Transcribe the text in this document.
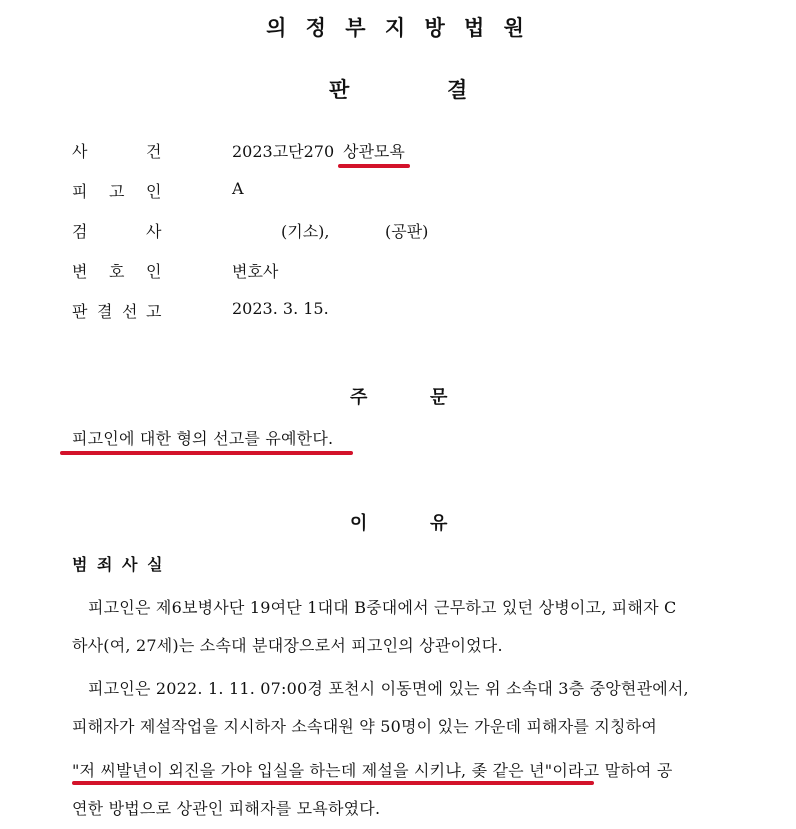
의 정 부 지 방 법 원
판	결
사	건	2023고단270 상관모욕
피 고 인	A
검	사	(기소),	(공판)
변 호 인	변호사
판 결 선 고	2023. 3. 15.
주	문
피고인에 대한 형의 선고를 유예한다.
이	유
범 죄 사 실
피고인은 제6보병사단 19여단 1대대 B중대에서 근무하고 있던 상병이고, 피해자 C
하사(여, 27세)는 소속대 분대장으로서 피고인의 상관이었다.
피고인은 2022. 1. 11. 07:00경 포천시 이동면에 있는 위 소속대 3층 중앙현관에서,
피해자가 제설작업을 지시하자 소속대원 약 50명이 있는 가운데 피해자를 지칭하여
"저 씨발년이 외진을 가야 입실을 하는데 제설을 시키냐, 좆 같은 년"이라고 말하여 공
연한 방법으로 상관인 피해자를 모욕하였다.
